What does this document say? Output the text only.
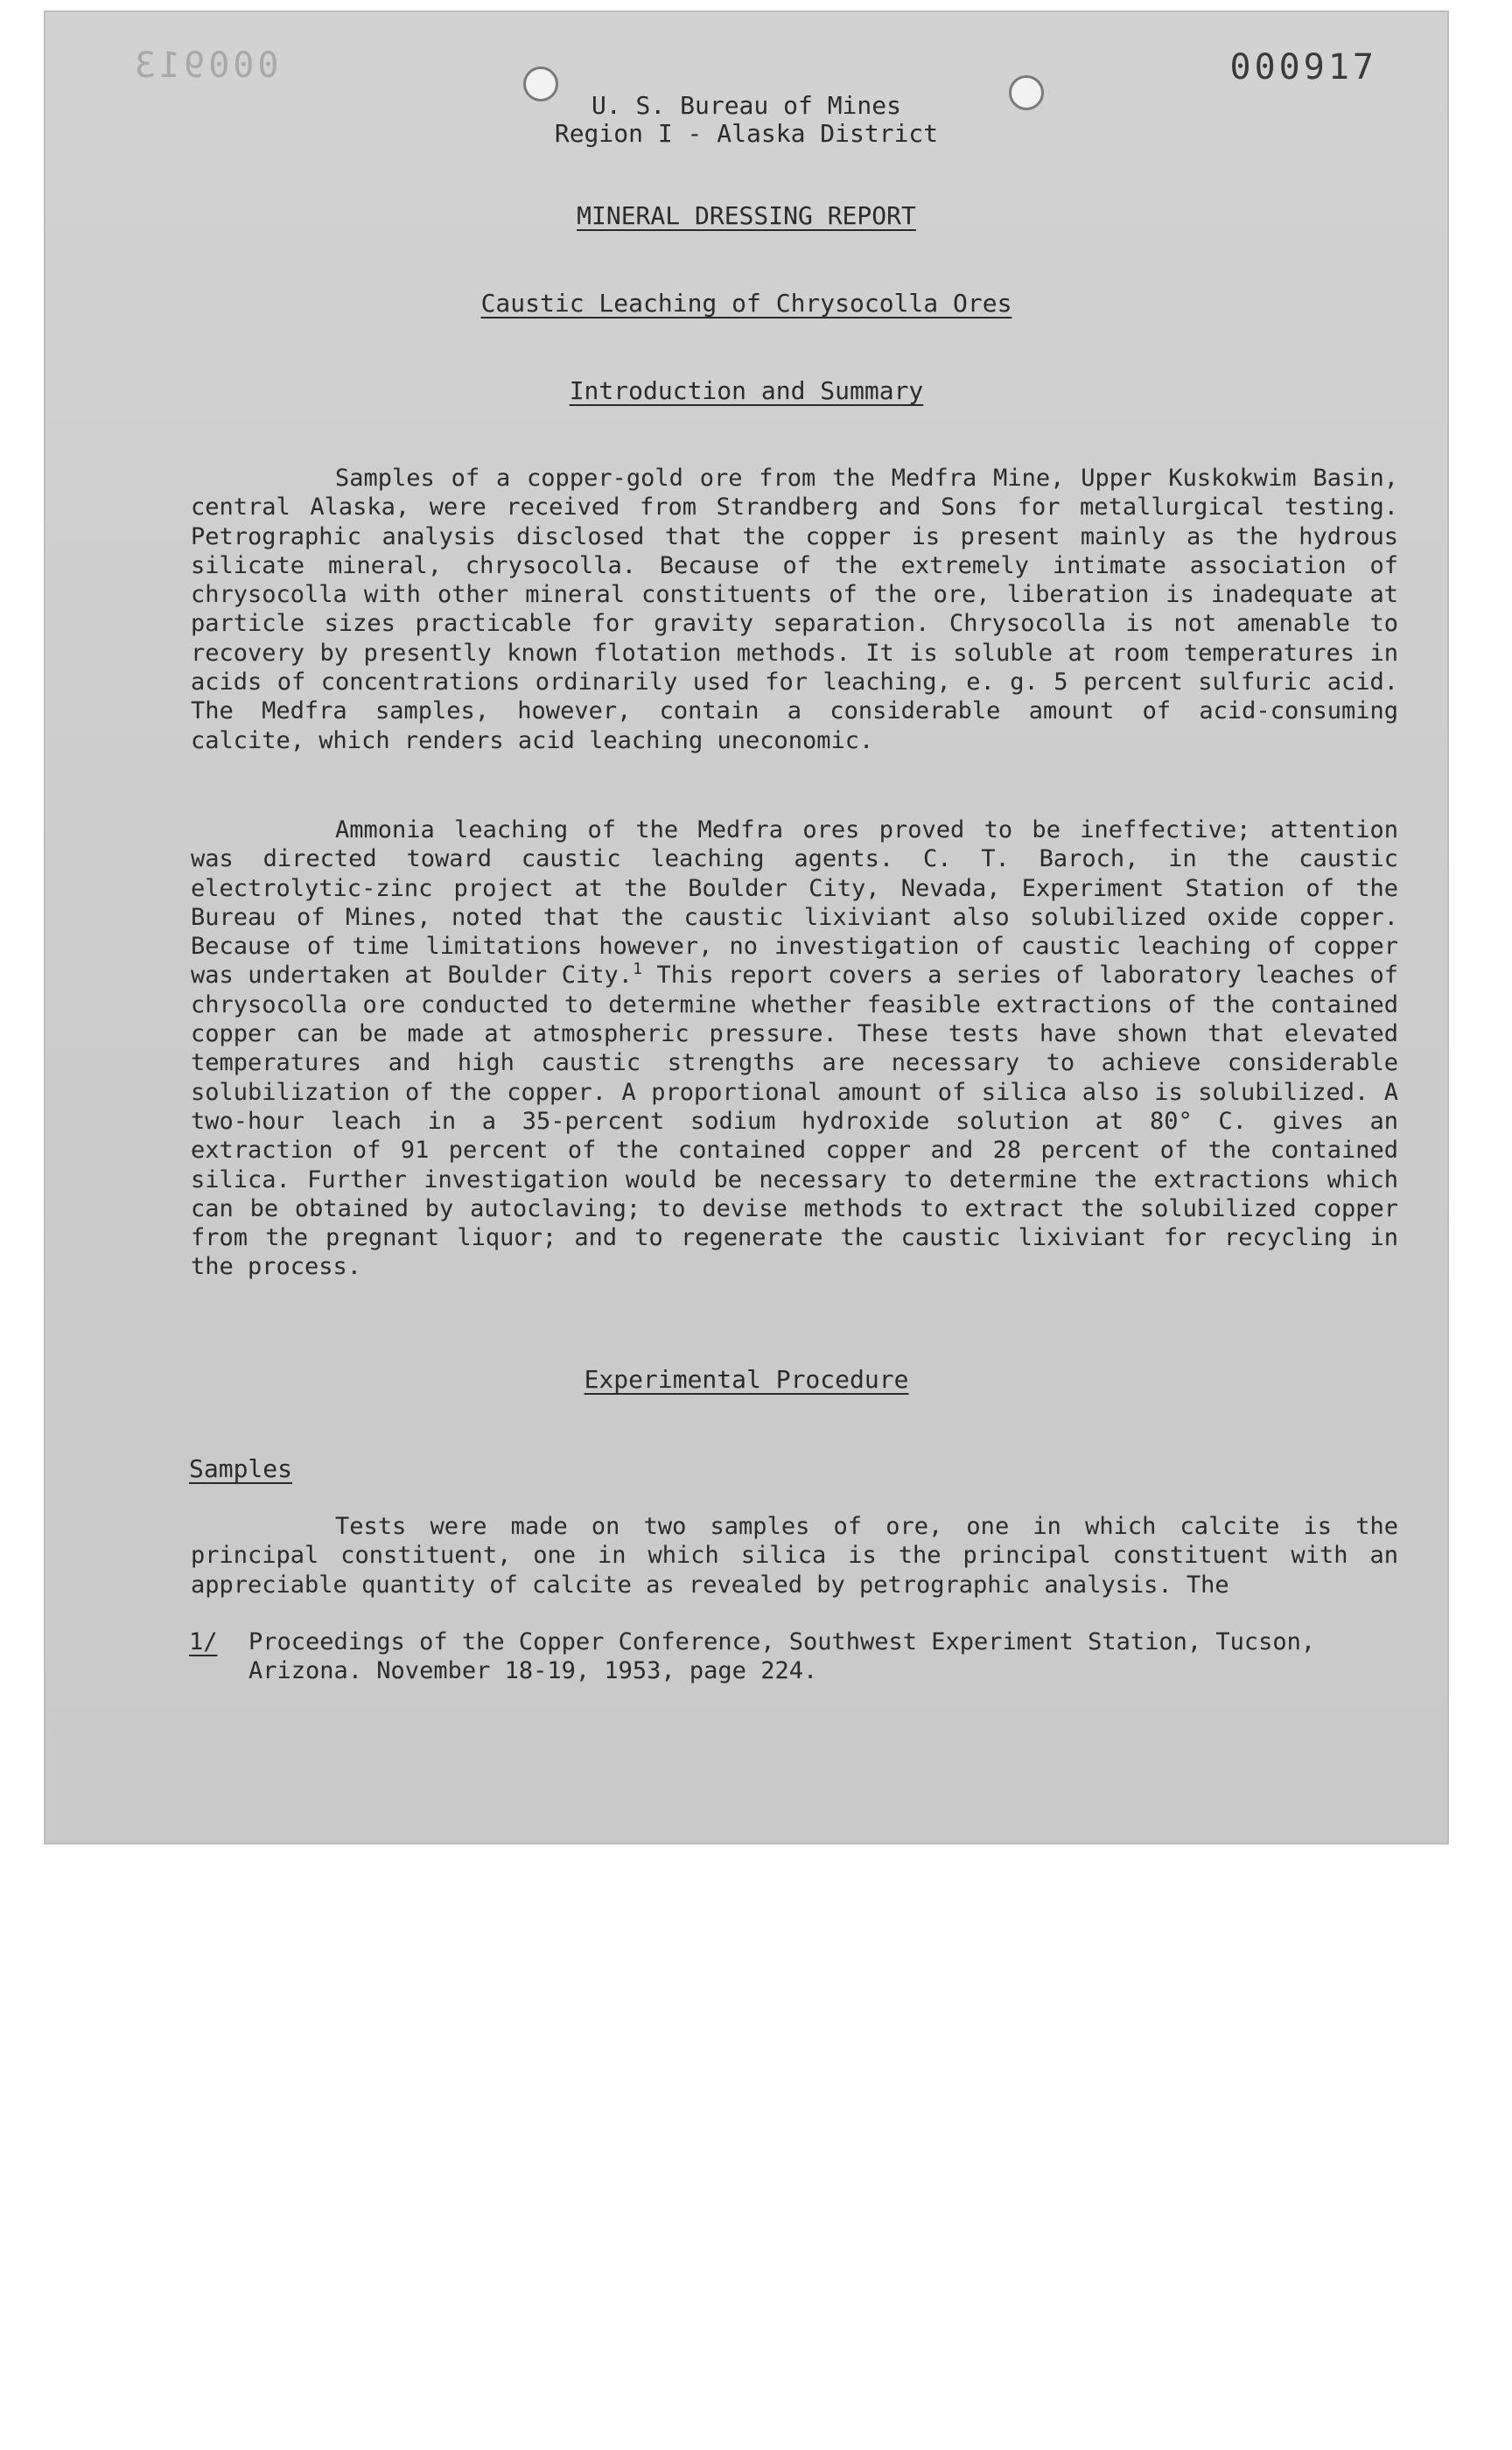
000913	000917
U. S. Bureau of Mines
Region I - Alaska District
MINERAL DRESSING REPORT
Caustic Leaching of Chrysocolla Ores
Introduction and Summary

Samples of a copper-gold ore from the Medfra Mine, Upper Kuskokwim Basin, central Alaska, were received from Strandberg and Sons for metallurgical testing. Petrographic analysis disclosed that the copper is present mainly as the hydrous silicate mineral, chrysocolla. Because of the extremely intimate association of chrysocolla with other mineral constituents of the ore, liberation is inadequate at particle sizes practicable for gravity separation. Chrysocolla is not amenable to recovery by presently known flotation methods. It is soluble at room temperatures in acids of concentrations ordinarily used for leaching, e. g. 5 percent sulfuric acid. The Medfra samples, however, contain a considerable amount of acid-consuming calcite, which renders acid leaching uneconomic.

Ammonia leaching of the Medfra ores proved to be ineffective; attention was directed toward caustic leaching agents. C. T. Baroch, in the caustic electrolytic-zinc project at the Boulder City, Nevada, Experiment Station of the Bureau of Mines, noted that the caustic lixiviant also solubilized oxide copper. Because of time limitations however, no investigation of caustic leaching of copper was undertaken at Boulder City.$^1$ This report covers a series of laboratory leaches of chrysocolla ore conducted to determine whether feasible extractions of the contained copper can be made at atmospheric pressure. These tests have shown that elevated temperatures and high caustic strengths are necessary to achieve considerable solubilization of the copper. A proportional amount of silica also is solubilized. A two-hour leach in a 35-percent sodium hydroxide solution at 80° C. gives an extraction of 91 percent of the contained copper and 28 percent of the contained silica. Further investigation would be necessary to determine the extractions which can be obtained by autoclaving; to devise methods to extract the solubilized copper from the pregnant liquor; and to regenerate the caustic lixiviant for recycling in the process.

Experimental Procedure
Samples

Tests were made on two samples of ore, one in which calcite is the principal constituent, one in which silica is the principal constituent with an appreciable quantity of calcite as revealed by petrographic analysis. The

1/	Proceedings of the Copper Conference, Southwest Experiment Station, Tucson, Arizona. November 18-19, 1953, page 224.
